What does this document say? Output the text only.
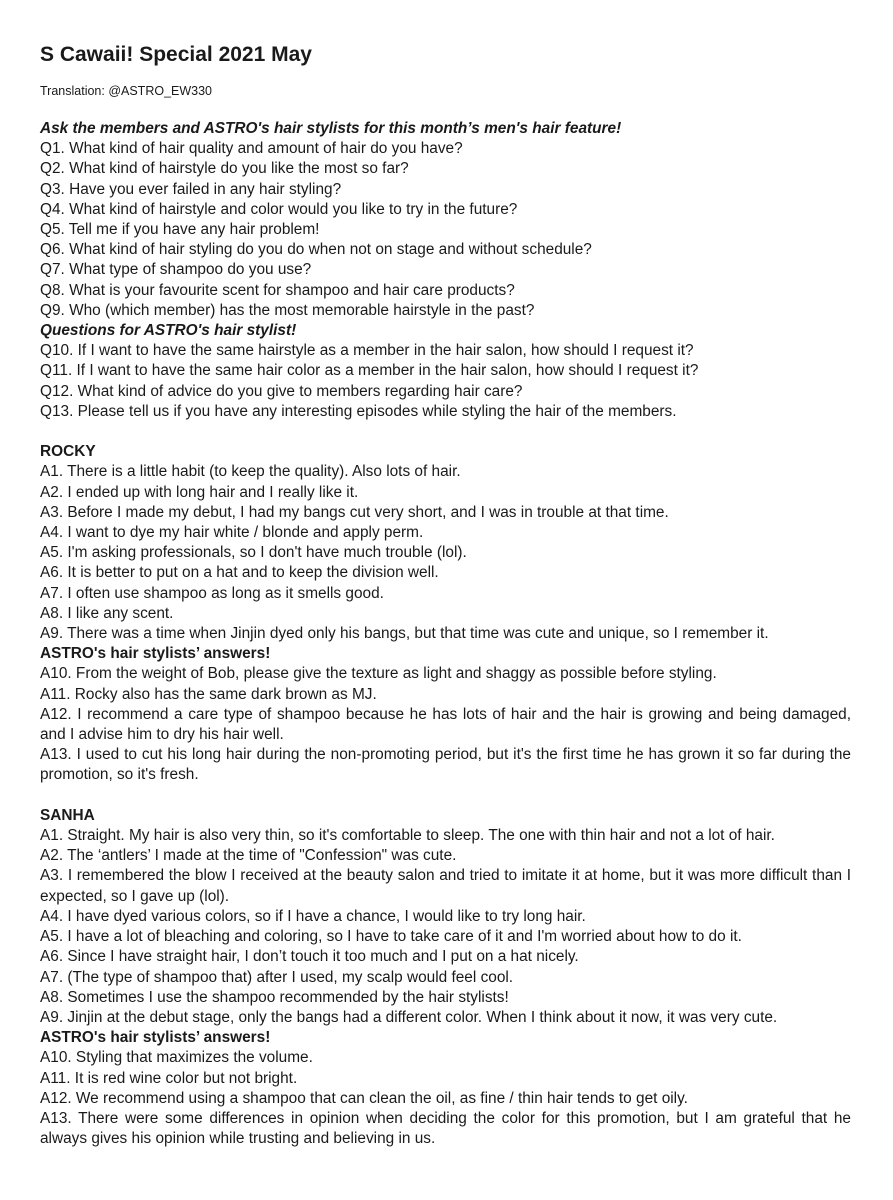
S Cawaii! Special 2021 May

Translation: @ASTRO_EW330

Ask the members and ASTRO's hair stylists for this month’s men's hair feature!
Q1. What kind of hair quality and amount of hair do you have?
Q2. What kind of hairstyle do you like the most so far?
Q3. Have you ever failed in any hair styling?
Q4. What kind of hairstyle and color would you like to try in the future?
Q5. Tell me if you have any hair problem!
Q6. What kind of hair styling do you do when not on stage and without schedule?
Q7. What type of shampoo do you use?
Q8. What is your favourite scent for shampoo and hair care products?
Q9. Who (which member) has the most memorable hairstyle in the past?
Questions for ASTRO's hair stylist!
Q10. If I want to have the same hairstyle as a member in the hair salon, how should I request it?
Q11. If I want to have the same hair color as a member in the hair salon, how should I request it?
Q12. What kind of advice do you give to members regarding hair care?
Q13. Please tell us if you have any interesting episodes while styling the hair of the members.
ROCKY
A1. There is a little habit (to keep the quality). Also lots of hair.
A2. I ended up with long hair and I really like it.
A3. Before I made my debut, I had my bangs cut very short, and I was in trouble at that time.
A4. I want to dye my hair white / blonde and apply perm.
A5. I'm asking professionals, so I don't have much trouble (lol).
A6. It is better to put on a hat and to keep the division well.
A7. I often use shampoo as long as it smells good.
A8. I like any scent.
A9. There was a time when Jinjin dyed only his bangs, but that time was cute and unique, so I remember it.
ASTRO's hair stylists’ answers!
A10. From the weight of Bob, please give the texture as light and shaggy as possible before styling.
A11. Rocky also has the same dark brown as MJ.
A12. I recommend a care type of shampoo because he has lots of hair and the hair is growing and being damaged, and I advise him to dry his hair well.
A13. I used to cut his long hair during the non-promoting period, but it's the first time he has grown it so far during the promotion, so it's fresh.
SANHA
A1. Straight. My hair is also very thin, so it's comfortable to sleep. The one with thin hair and not a lot of hair.
A2. The ‘antlers’ I made at the time of "Confession" was cute.
A3. I remembered the blow I received at the beauty salon and tried to imitate it at home, but it was more difficult than I expected, so I gave up (lol).
A4. I have dyed various colors, so if I have a chance, I would like to try long hair.
A5. I have a lot of bleaching and coloring, so I have to take care of it and I'm worried about how to do it.
A6. Since I have straight hair, I don’t touch it too much and I put on a hat nicely.
A7. (The type of shampoo that) after I used, my scalp would feel cool.
A8. Sometimes I use the shampoo recommended by the hair stylists!
A9. Jinjin at the debut stage, only the bangs had a different color. When I think about it now, it was very cute.
ASTRO's hair stylists’ answers!
A10. Styling that maximizes the volume.
A11. It is red wine color but not bright.
A12. We recommend using a shampoo that can clean the oil, as fine / thin hair tends to get oily.
A13. There were some differences in opinion when deciding the color for this promotion, but I am grateful that he always gives his opinion while trusting and believing in us.
